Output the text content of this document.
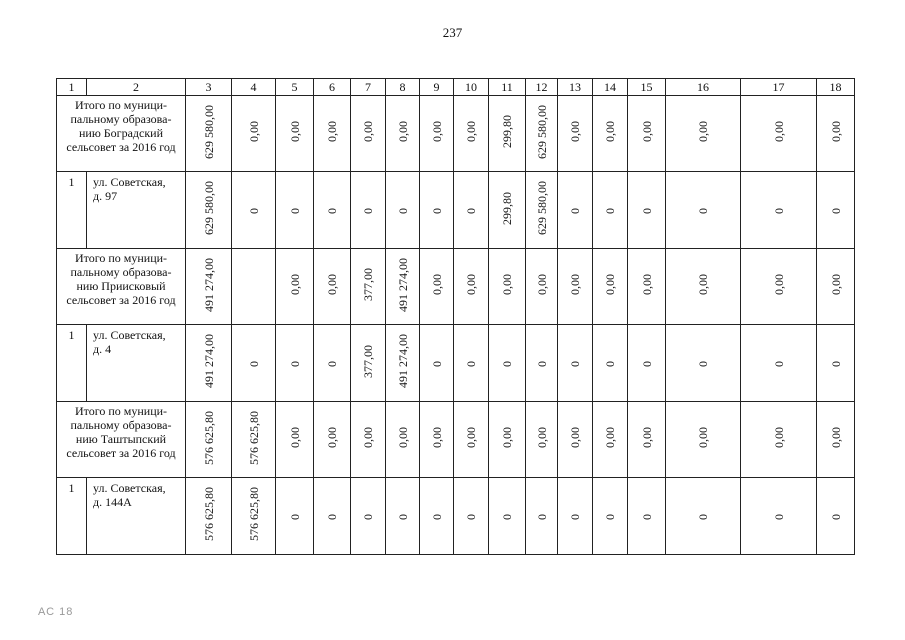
237
1	2	3	4	5	6	7	8	9	10	11	12	13	14	15	16	17	18
Итого по муници-
пальному образова-
нию Боградский
сельсовет за 2016 год		629 580,00	0,00	0,00	0,00	0,00	0,00	0,00	0,00	299,80	629 580,00	0,00	0,00	0,00	0,00	0,00	0,00
1	ул. Советская,
д. 97	629 580,00	0	0	0	0	0	0	0	299,80	629 580,00	0	0	0	0	0	0
Итого по муници-
пальному образова-
нию Приисковый
сельсовет за 2016 год		491 274,00		0,00	0,00	377,00	491 274,00	0,00	0,00	0,00	0,00	0,00	0,00	0,00	0,00	0,00	0,00
1	ул. Советская,
д. 4	491 274,00	0	0	0	377,00	491 274,00	0	0	0	0	0	0	0	0	0	0
Итого по муници-
пальному образова-
нию Таштыпский
сельсовет за 2016 год		576 625,80	576 625,80	0,00	0,00	0,00	0,00	0,00	0,00	0,00	0,00	0,00	0,00	0,00	0,00	0,00	0,00
1	ул. Советская,
д. 144А	576 625,80	576 625,80	0	0	0	0	0	0	0	0	0	0	0	0	0	0
АС 18
